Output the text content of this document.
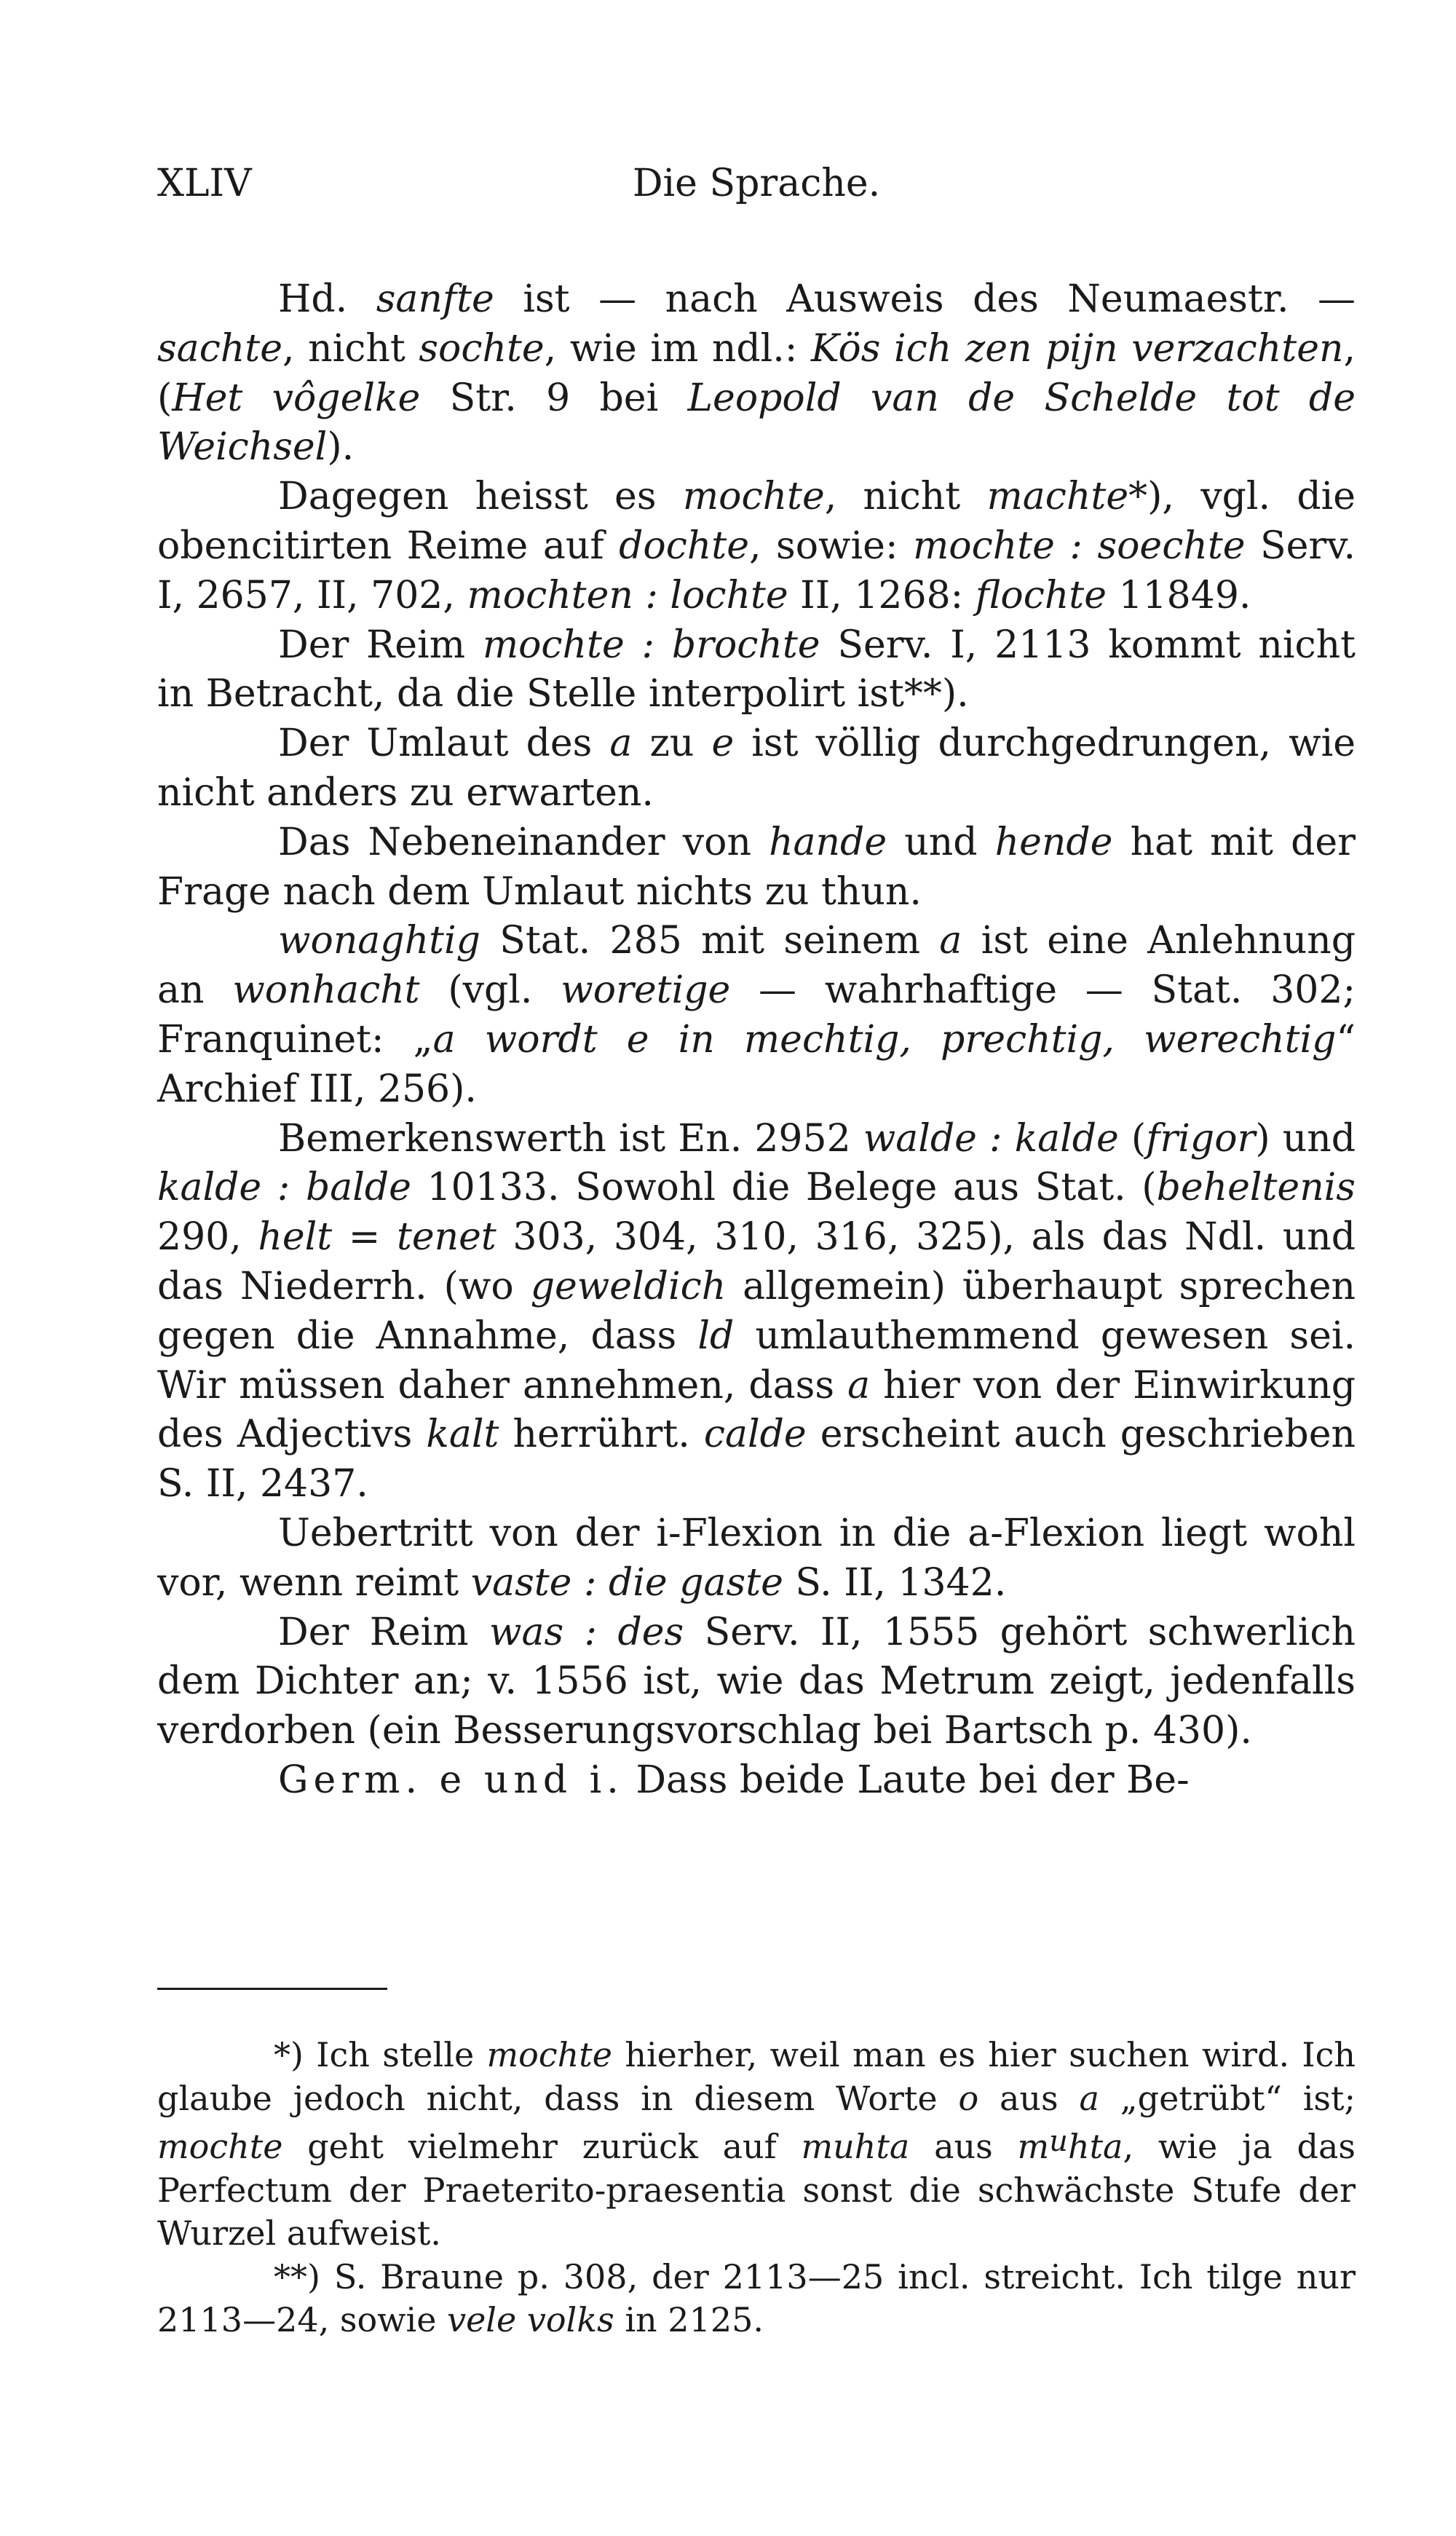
XLIV	Die Sprache.

Hd. sanfte ist — nach Ausweis des Neumaestr. — sachte, nicht sochte, wie im ndl.: Kös ich zen pijn verzachten, (Het vôgelke Str. 9 bei Leopold van de Schelde tot de Weichsel).

Dagegen heisst es mochte, nicht machte*), vgl. die obencitirten Reime auf dochte, sowie: mochte : soechte Serv. I, 2657, II, 702, mochten : lochte II, 1268: flochte 11849.

Der Reim mochte : brochte Serv. I, 2113 kommt nicht in Betracht, da die Stelle interpolirt ist**).

Der Umlaut des a zu e ist völlig durchgedrungen, wie nicht anders zu erwarten.

Das Nebeneinander von hande und hende hat mit der Frage nach dem Umlaut nichts zu thun.

wonaghtig Stat. 285 mit seinem a ist eine Anlehnung an wonhacht (vgl. woretige — wahrhaftige — Stat. 302; Franquinet: „a wordt e in mechtig, prechtig, werechtig“ Archief III, 256).

Bemerkenswerth ist En. 2952 walde : kalde (frigor) und kalde : balde 10133. Sowohl die Belege aus Stat. (beheltenis 290, helt = tenet 303, 304, 310, 316, 325), als das Ndl. und das Niederrh. (wo geweldich allgemein) überhaupt sprechen gegen die Annahme, dass ld umlauthemmend gewesen sei. Wir müssen daher annehmen, dass a hier von der Einwirkung des Adjectivs kalt herrührt. calde erscheint auch geschrieben S. II, 2437.

Uebertritt von der i-Flexion in die a-Flexion liegt wohl vor, wenn reimt vaste : die gaste S. II, 1342.

Der Reim was : des Serv. II, 1555 gehört schwerlich dem Dichter an; v. 1556 ist, wie das Metrum zeigt, jedenfalls verdorben (ein Besserungsvorschlag bei Bartsch p. 430).

Germ. e und i. Dass beide Laute bei der Be-

*) Ich stelle mochte hierher, weil man es hier suchen wird. Ich glaube jedoch nicht, dass in diesem Worte o aus a „getrübt“ ist; mochte geht vielmehr zurück auf muhta aus muhta, wie ja das Perfectum der Praeterito-praesentia sonst die schwächste Stufe der Wurzel aufweist.

**) S. Braune p. 308, der 2113—25 incl. streicht. Ich tilge nur 2113—24, sowie vele volks in 2125.
